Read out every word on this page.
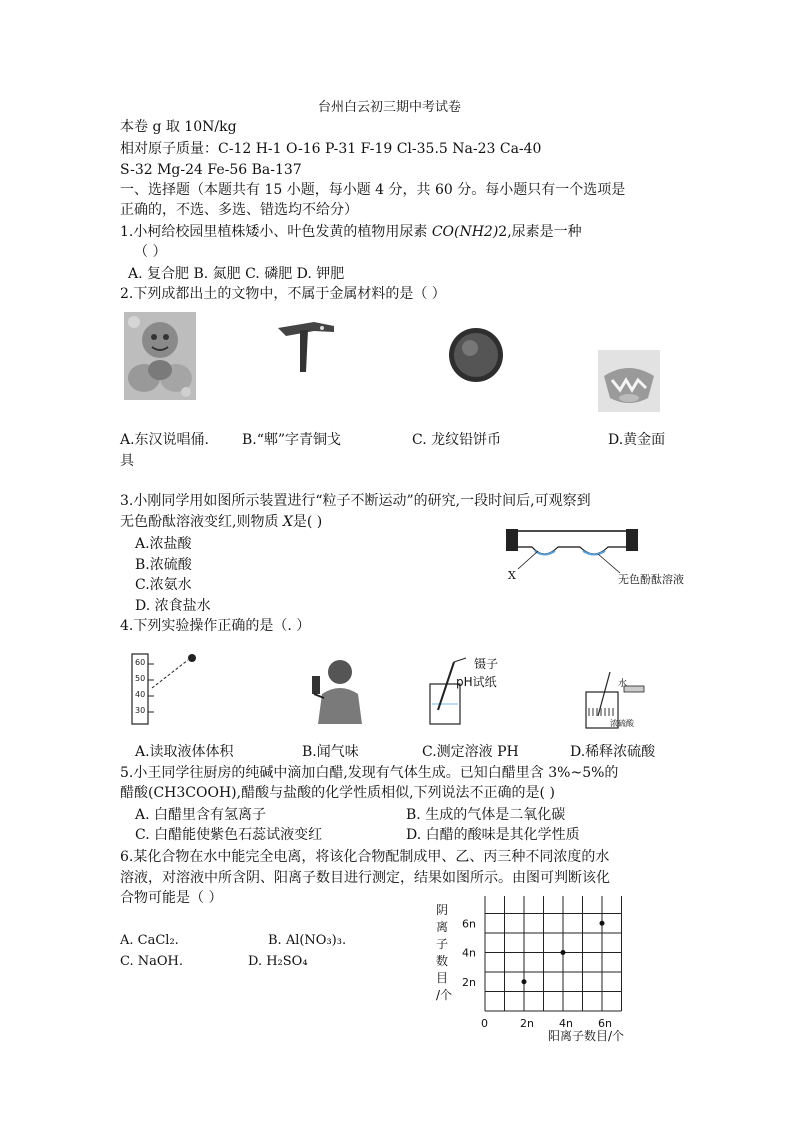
台州白云初三期中考试卷
本卷 g 取 10N/kg
相对原子质量：C-12 H-1 O-16 P-31 F-19 Cl-35.5 Na-23 Ca-40
S-32 Mg-24 Fe-56 Ba-137
一、选择题（本题共有 15 小题，每小题 4 分，共 60 分。每小题只有一个选项是
正确的，不选、多选、错选均不给分）
1.小柯给校园里植株矮小、叶色发黄的植物用尿素 CO(NH2)2,尿素是一种
（ ）
A. 复合肥 B. 氮肥 C. 磷肥 D. 钾肥
2.下列成都出土的文物中，不属于金属材料的是（ ）
A.东汉说唱俑. B.“郫”字青铜戈	C. 龙纹铅饼币	D.黄金面
具
3.小刚同学用如图所示装置进行“粒子不断运动”的研究,一段时间后,可观察到
无色酚酞溶液变红,则物质 X是( )
A.浓盐酸
B.浓硫酸
C.浓氨水
D. 浓食盐水
X	无色酚酞溶液
4.下列实验操作正确的是（. ）
60
50
40
30
镊子
pH试纸	水
浓硫酸
A.读取液体体积	B.闻气味	C.测定溶液 PH	D.稀释浓硫酸
5.小王同学往厨房的纯碱中滴加白醋,发现有气体生成。已知白醋里含 3%~5%的
醋酸(CH3COOH),醋酸与盐酸的化学性质相似,下列说法不正确的是( )
A. 白醋里含有氢离子	B. 生成的气体是二氧化碳
C. 白醋能使紫色石蕊试液变红	D. 白醋的酸味是其化学性质
6.某化合物在水中能完全电离，将该化合物配制成甲、乙、丙三种不同浓度的水
溶液，对溶液中所含阴、阳离子数目进行测定，结果如图所示。由图可判断该化
合物可能是（ ）
A. CaCl₂.	B. Al(NO₃)₃.
C. NaOH.	D. H₂SO₄
阴
离
子
数
目
/个
2n
4n
6n
0	2n 4n 6n
阳离子数目/个
